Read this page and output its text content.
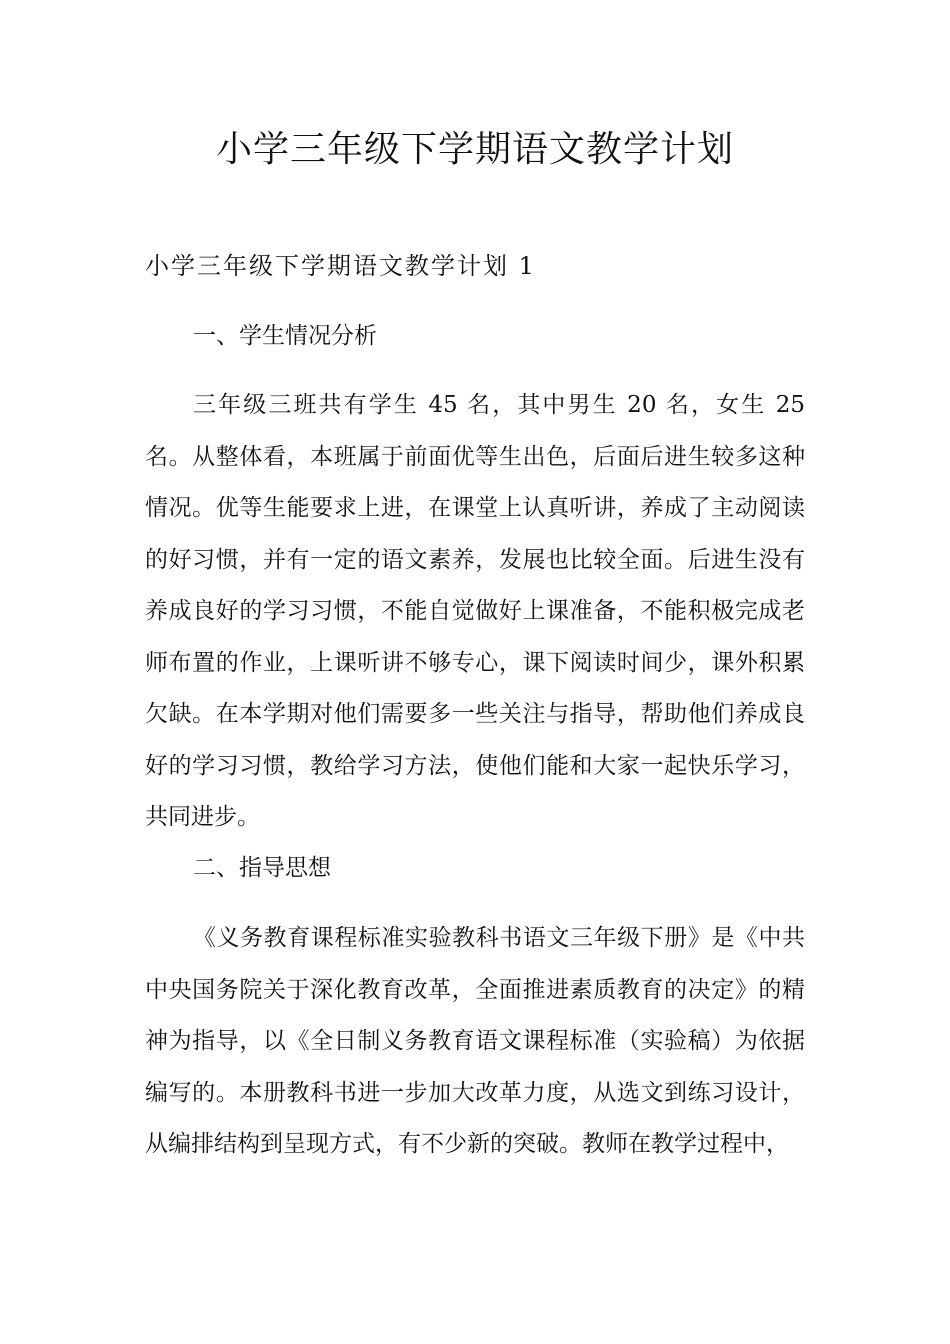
小学三年级下学期语文教学计划
小学三年级下学期语文教学计划 1
一、学生情况分析

三年级三班共有学生 45 名，其中男生 20 名，女生 25 名。从整体看，本班属于前面优等生出色，后面后进生较多这种情况。优等生能要求上进，在课堂上认真听讲，养成了主动阅读的好习惯，并有一定的语文素养，发展也比较全面。后进生没有养成良好的学习习惯，不能自觉做好上课准备，不能积极完成老师布置的作业，上课听讲不够专心，课下阅读时间少，课外积累欠缺。在本学期对他们需要多一些关注与指导，帮助他们养成良好的学习习惯，教给学习方法，使他们能和大家一起快乐学习，共同进步。

二、指导思想

《义务教育课程标准实验教科书语文三年级下册》是《中共中央国务院关于深化教育改革，全面推进素质教育的决定》的精神为指导，以《全日制义务教育语文课程标准（实验稿）为依据编写的。本册教科书进一步加大改革力度，从选文到练习设计，从编排结构到呈现方式，有不少新的突破。教师在教学过程中，
